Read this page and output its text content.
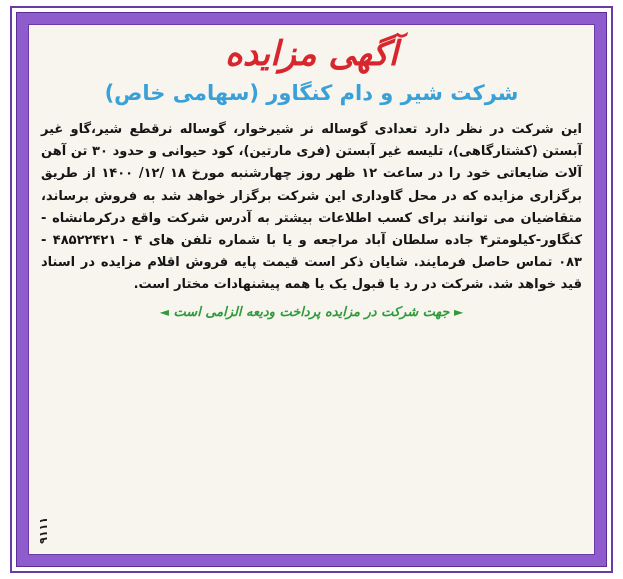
آگهی مزایده
شرکت شیر و دام کنگاور (سهامی خاص)

این شرکت در نظر دارد تعدادی گوساله نر شیرخوار، گوساله نرقطع شیر،گاو غیر آبستن (کشتارگاهی)، تلیسه غیر آبستن (فری مارتین)، کود حیوانی و حدود ۳۰ تن آهن آلات ضایعاتی خود را در ساعت ۱۲ ظهر روز چهارشنبه مورخ ۱۸ /۱۲/ ۱۴۰۰ از طریق برگزاری مزایده که در محل گاوداری این شرکت برگزار خواهد شد به فروش برساند، متقاضیان می توانند برای کسب اطلاعات بیشتر به آدرس شرکت واقع درکرمانشاه - کنگاور-کیلومتر۴ جاده سلطان آباد مراجعه و یا با شماره تلفن های ۴ - ۴۸۵۲۲۴۲۱ - ۰۸۳ تماس حاصل فرمایند. شایان ذکر است قیمت پایه فروش اقلام مزایده در اسناد قید خواهد شد. شرکت در رد یا قبول یک یا همه پیشنهادات مختار است.

► جهت شرکت در مزایده پرداخت ودیعه الزامی است ◄
۹۱۱۱
